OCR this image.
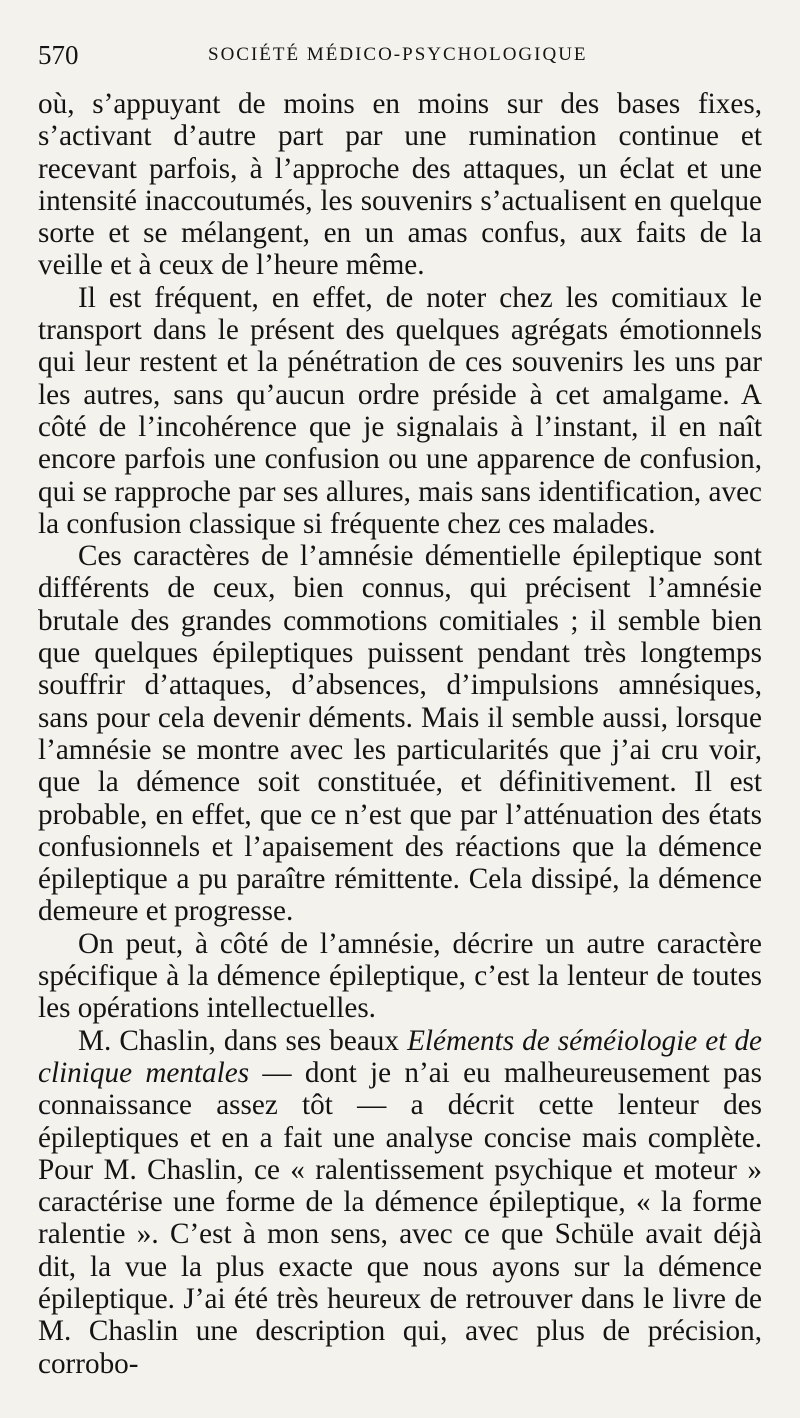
570	SOCIÉTÉ MÉDICO-PSYCHOLOGIQUE

où, s’appuyant de moins en moins sur des bases fixes, s’activant d’autre part par une rumination continue et recevant parfois, à l’approche des attaques, un éclat et une intensité inaccoutumés, les souvenirs s’actualisent en quelque sorte et se mélangent, en un amas confus, aux faits de la veille et à ceux de l’heure même.

Il est fréquent, en effet, de noter chez les comitiaux le transport dans le présent des quelques agrégats émotionnels qui leur restent et la pénétration de ces souvenirs les uns par les autres, sans qu’aucun ordre préside à cet amalgame. A côté de l’incohérence que je signalais à l’instant, il en naît encore parfois une confusion ou une apparence de confusion, qui se rapproche par ses allures, mais sans identification, avec la confusion classique si fréquente chez ces malades.

Ces caractères de l’amnésie démentielle épileptique sont différents de ceux, bien connus, qui précisent l’amnésie brutale des grandes commotions comitiales ; il semble bien que quelques épileptiques puissent pendant très longtemps souffrir d’attaques, d’absences, d’impulsions amnésiques, sans pour cela devenir déments. Mais il semble aussi, lorsque l’amnésie se montre avec les particularités que j’ai cru voir, que la démence soit constituée, et définitivement. Il est probable, en effet, que ce n’est que par l’atténuation des états confusionnels et l’apaisement des réactions que la démence épileptique a pu paraître rémittente. Cela dissipé, la démence demeure et progresse.

On peut, à côté de l’amnésie, décrire un autre caractère spécifique à la démence épileptique, c’est la lenteur de toutes les opérations intellectuelles.

M. Chaslin, dans ses beaux Eléments de séméiologie et de clinique mentales — dont je n’ai eu malheureusement pas connaissance assez tôt — a décrit cette lenteur des épileptiques et en a fait une analyse concise mais complète. Pour M. Chaslin, ce « ralentissement psychique et moteur » caractérise une forme de la démence épileptique, « la forme ralentie ». C’est à mon sens, avec ce que Schüle avait déjà dit, la vue la plus exacte que nous ayons sur la démence épileptique. J’ai été très heureux de retrouver dans le livre de M. Chaslin une description qui, avec plus de précision, corrobo-
